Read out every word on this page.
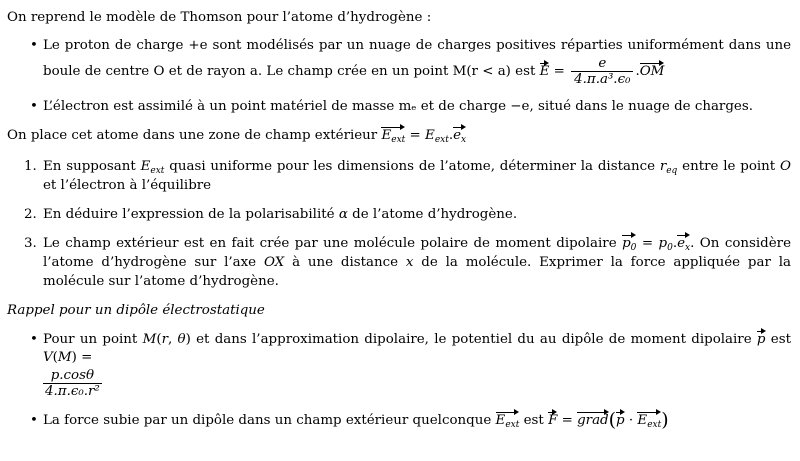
On reprend le modèle de Thomson pour l’atome d’hydrogène :

• Le proton de charge +e sont modélisés par un nuage de charges positives réparties uniformément dans une boule de centre O et de rayon a. Le champ crée en un point M(r < a) est $E = \frac{e}{\text{4.π.a³.ϵ₀}} .OM$
• L’électron est assimilé à un point matériel de masse mₑ et de charge −e, situé dans le nuage de charges.

On place cet atome dans une zone de champ extérieur $E_{ext} = E_{ext}.e_x$

1. En supposant $E_{ext}$ quasi uniforme pour les dimensions de l’atome, déterminer la distance $r_{eq}$ entre le point O et l’électron à l’équilibre
2. En déduire l’expression de la polarisabilité α de l’atome d’hydrogène.
3. Le champ extérieur est en fait crée par une molécule polaire de moment dipolaire $p_0 = p_0.e_x$. On considère l’atome d’hydrogène sur l’axe OX à une distance x de la molécule. Exprimer la force appliquée par la molécule sur l’atome d’hydrogène.

Rappel pour un dipôle électrostatique

• Pour un point M(r, θ) et dans l’approximation dipolaire, le potentiel du au dipôle de moment dipolaire p est V(M) =

$\frac{p.\cos\theta}{\text{4.π.ϵ₀.r²}}$
• La force subie par un dipôle dans un champ extérieur quelconque $E_{ext}$ est F = grad(p · $E_{ext}$)
